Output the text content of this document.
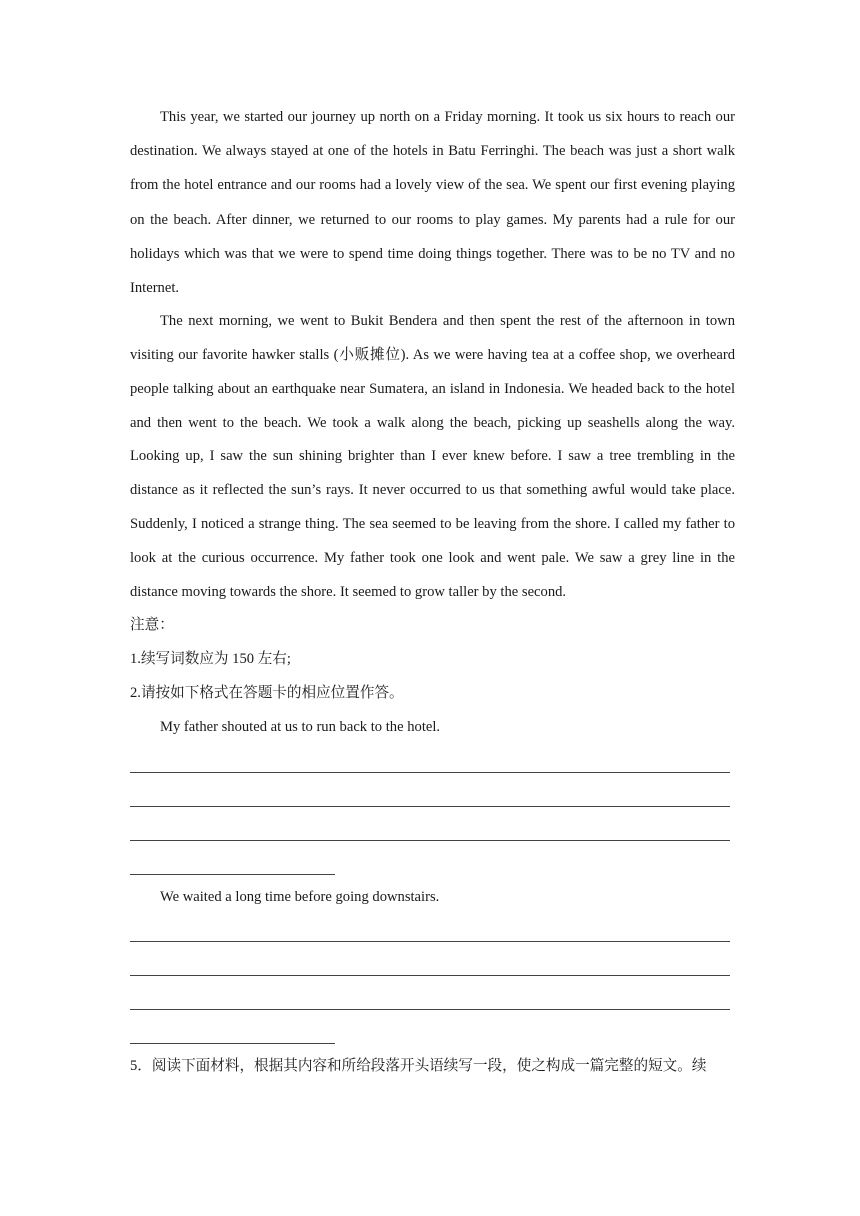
This year, we started our journey up north on a Friday morning. It took us six hours to reach our destination. We always stayed at one of the hotels in Batu Ferringhi. The beach was just a short walk from the hotel entrance and our rooms had a lovely view of the sea. We spent our first evening playing on the beach. After dinner, we returned to our rooms to play games. My parents had a rule for our holidays which was that we were to spend time doing things together. There was to be no TV and no Internet.

The next morning, we went to Bukit Bendera and then spent the rest of the afternoon in town visiting our favorite hawker stalls (小贩摊位). As we were having tea at a coffee shop, we overheard people talking about an earthquake near Sumatera, an island in Indonesia. We headed back to the hotel and then went to the beach. We took a walk along the beach, picking up seashells along the way. Looking up, I saw the sun shining brighter than I ever knew before. I saw a tree trembling in the distance as it reflected the sun’s rays. It never occurred to us that something awful would take place. Suddenly, I noticed a strange thing. The sea seemed to be leaving from the shore. I called my father to look at the curious occurrence. My father took one look and went pale. We saw a grey line in the distance moving towards the shore. It seemed to grow taller by the second.

注意：

1.续写词数应为 150 左右;

2.请按如下格式在答题卡的相应位置作答。

My father shouted at us to run back to the hotel.

We waited a long time before going downstairs.

5．阅读下面材料，根据其内容和所给段落开头语续写一段，使之构成一篇完整的短文。续
